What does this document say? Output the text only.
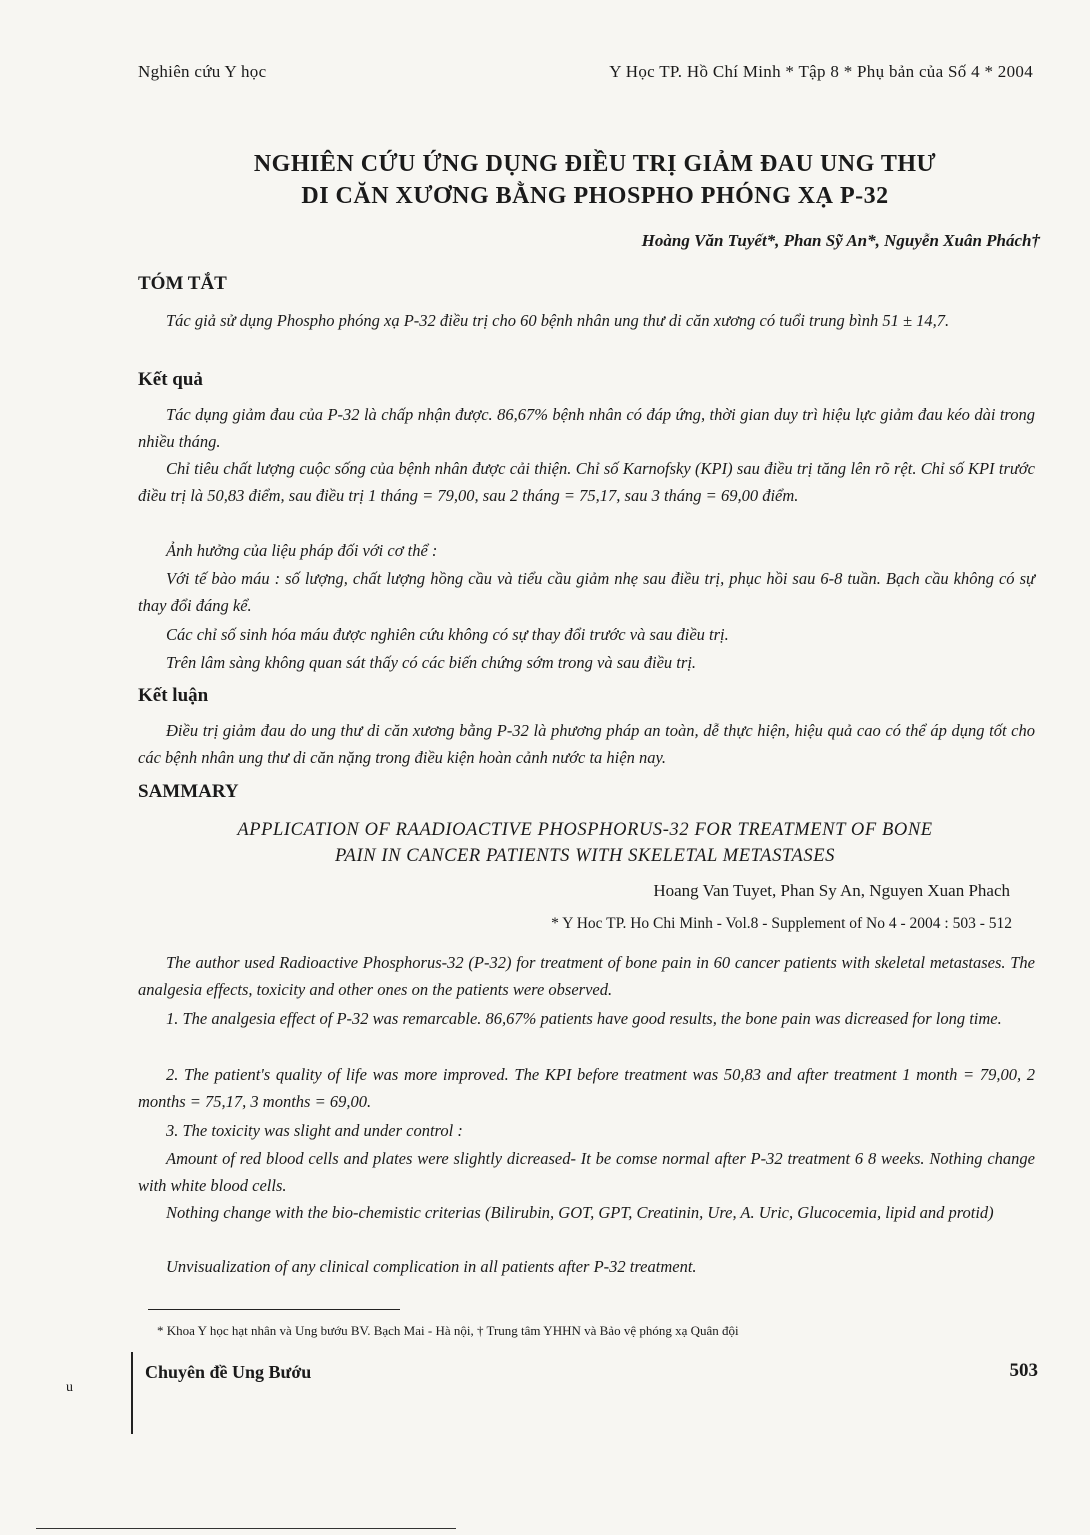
Nghiên cứu Y học	Y Học TP. Hồ Chí Minh * Tập 8 * Phụ bản của Số 4 * 2004
NGHIÊN CỨU ỨNG DỤNG ĐIỀU TRỊ GIẢM ĐAU UNG THƯ
DI CĂN XƯƠNG BẰNG PHOSPHO PHÓNG XẠ P-32
Hoàng Văn Tuyết*, Phan Sỹ An*, Nguyễn Xuân Phách†
TÓM TẮT
Tác giả sử dụng Phospho phóng xạ P-32 điều trị cho 60 bệnh nhân ung thư di căn xương có tuổi trung bình 51 ± 14,7.
Kết quả
Tác dụng giảm đau của P-32 là chấp nhận được. 86,67% bệnh nhân có đáp ứng, thời gian duy trì hiệu lực giảm đau kéo dài trong nhiều tháng.
Chỉ tiêu chất lượng cuộc sống của bệnh nhân được cải thiện. Chỉ số Karnofsky (KPI) sau điều trị tăng lên rõ rệt. Chỉ số KPI trước điều trị là 50,83 điểm, sau điều trị 1 tháng = 79,00, sau 2 tháng = 75,17, sau 3 tháng = 69,00 điểm.
Ảnh hưởng của liệu pháp đối với cơ thể :
Với tế bào máu : số lượng, chất lượng hồng cầu và tiểu cầu giảm nhẹ sau điều trị, phục hồi sau 6-8 tuần. Bạch cầu không có sự thay đổi đáng kể.
Các chỉ số sinh hóa máu được nghiên cứu không có sự thay đổi trước và sau điều trị.
Trên lâm sàng không quan sát thấy có các biến chứng sớm trong và sau điều trị.
Kết luận
Điều trị giảm đau do ung thư di căn xương bằng P-32 là phương pháp an toàn, dễ thực hiện, hiệu quả cao có thể áp dụng tốt cho các bệnh nhân ung thư di căn nặng trong điều kiện hoàn cảnh nước ta hiện nay.
SAMMARY
APPLICATION OF RAADIOACTIVE PHOSPHORUS-32 FOR TREATMENT OF BONE
PAIN IN CANCER PATIENTS WITH SKELETAL METASTASES
Hoang Van Tuyet, Phan Sy An, Nguyen Xuan Phach
* Y Hoc TP. Ho Chi Minh - Vol.8 - Supplement of No 4 - 2004 : 503 - 512
The author used Radioactive Phosphorus-32 (P-32) for treatment of bone pain in 60 cancer patients with skeletal metastases. The analgesia effects, toxicity and other ones on the patients were observed.
1. The analgesia effect of P-32 was remarcable. 86,67% patients have good results, the bone pain was dicreased for long time.
2. The patient's quality of life was more improved. The KPI before treatment was 50,83 and after treatment 1 month = 79,00, 2 months = 75,17, 3 months = 69,00.
3. The toxicity was slight and under control :
Amount of red blood cells and plates were slightly dicreased- It be comse normal after P-32 treatment 6 8 weeks. Nothing change with white blood cells.
Nothing change with the bio-chemistic criterias (Bilirubin, GOT, GPT, Creatinin, Ure, A. Uric, Glucocemia, lipid and protid)
Unvisualization of any clinical complication in all patients after P-32 treatment.
* Khoa Y học hạt nhân và Ung bướu BV. Bạch Mai - Hà nội, † Trung tâm YHHN và Bảo vệ phóng xạ Quân đội
Chuyên đề Ung Bướu	503
u
